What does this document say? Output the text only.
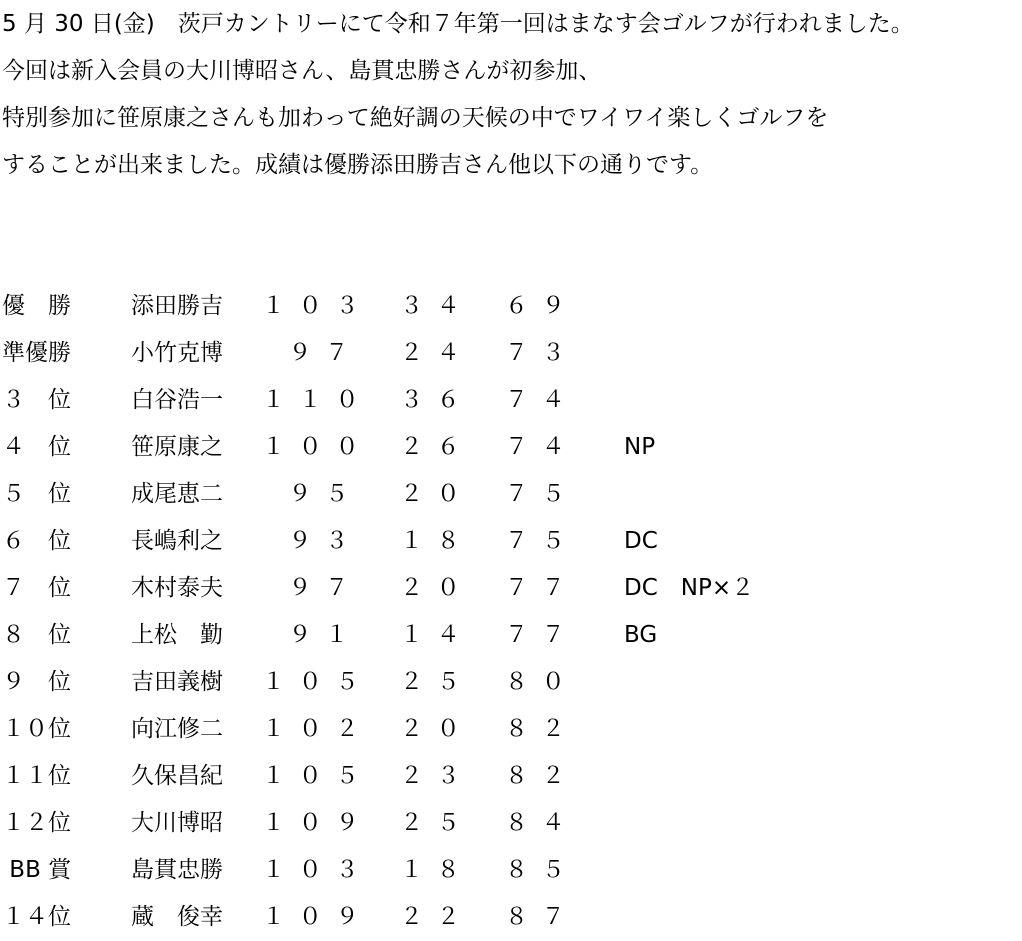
5 月 30 日(金)　茨戸カントリーにて令和７年第一回はまなす会ゴルフが行われました。
今回は新入会員の大川博昭さん、島貫忠勝さんが初参加、
特別参加に笹原康之さんも加わって絶好調の天候の中でワイワイ楽しくゴルフを
することが出来ました。成績は優勝添田勝吉さん他以下の通りです。
優　勝	添田勝吉 １０３ ３４ ６９
準優勝	小竹克博	９７ ２４ ７３
３　位	白谷浩一 １１０ ３６ ７４
４　位	笹原康之 １００ ２６ ７４ NP
５　位	成尾恵二	９５ ２０ ７５
６　位	長嶋利之	９３ １８ ７５ DC
７　位	木村泰夫	９７ ２０ ７７ DC　NP×２
８　位	上松　勤	９１ １４ ７７ BG
９　位	吉田義樹 １０５ ２５ ８０
１０位	向江修二 １０２ ２０ ８２
１１位	久保昌紀 １０５ ２３ ８２
１２位	大川博昭 １０９ ２５ ８４
BB 賞	島貫忠勝 １０３ １８ ８５
１４位	蔵　俊幸 １０９ ２２ ８７
